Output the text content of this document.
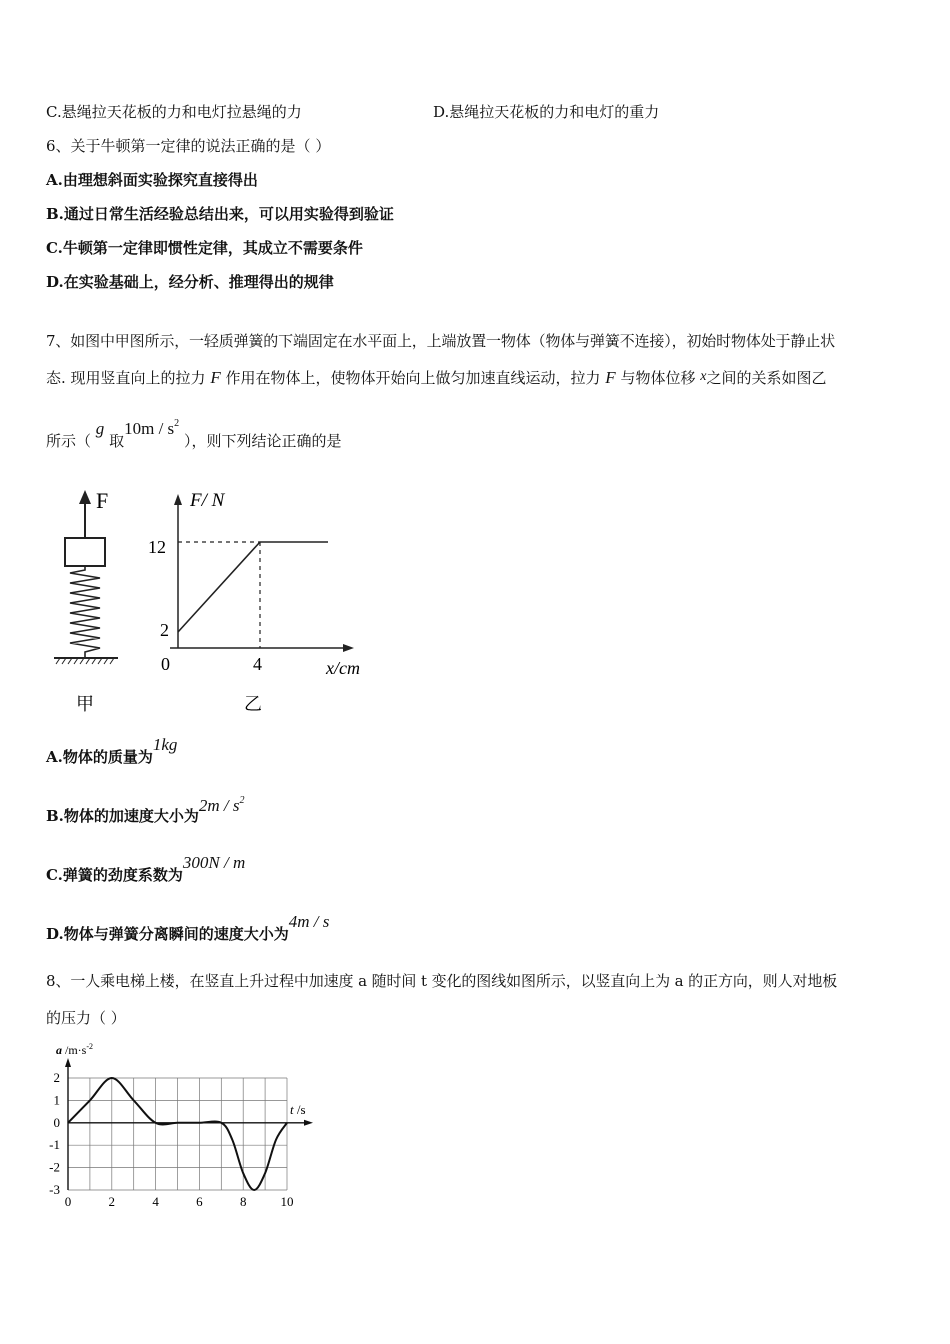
C.悬绳拉天花板的力和电灯拉悬绳的力	D.悬绳拉天花板的力和电灯的重力
6、关于牛顿第一定律的说法正确的是（ ）
A.由理想斜面实验探究直接得出
B.通过日常生活经验总结出来，可以用实验得到验证
C.牛顿第一定律即惯性定律，其成立不需要条件
D.在实验基础上，经分析、推理得出的规律
7、如图中甲图所示，一轻质弹簧的下端固定在水平面上，上端放置一物体（物体与弹簧不连接），初始时物体处于静止状
态. 现用竖直向上的拉力 F 作用在物体上，使物体开始向上做匀加速直线运动，拉力 F 与物体位移 x之间的关系如图乙
所示（ g 取$10m / s^2$ ），则下列结论正确的是
F
甲
F/ N
x/cm
12
2
0	4
乙
A.物体的质量为1kg
B.物体的加速度大小为$2m / s^2$
C.弹簧的劲度系数为300N / m
D.物体与弹簧分离瞬间的速度大小为4m / s
8、一人乘电梯上楼，在竖直上升过程中加速度 a 随时间 t 变化的图线如图所示，以竖直向上为 a 的正方向，则人对地板
的压力（ ）
0	2	4	6	8	10
2
1
0
-1
-2
-3
a $/m\cdot s^{-2}$
t /s
